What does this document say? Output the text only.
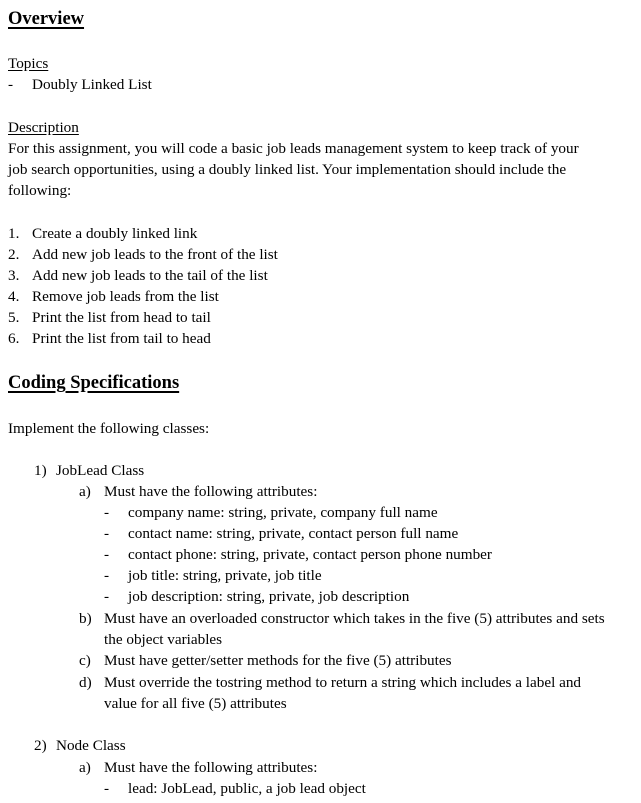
Overview
Topics
- Doubly Linked List
Description
For this assignment, you will code a basic job leads management system to keep track of your
job search opportunities, using a doubly linked list. Your implementation should include the
following:
1. Create a doubly linked link
2. Add new job leads to the front of the list
3. Add new job leads to the tail of the list
4. Remove job leads from the list
5. Print the list from head to tail
6. Print the list from tail to head
Coding Specifications
Implement the following classes:
1) JobLead Class
a) Must have the following attributes:
- company name: string, private, company full name
- contact name: string, private, contact person full name
- contact phone: string, private, contact person phone number
- job title: string, private, job title
- job description: string, private, job description
b) Must have an overloaded constructor which takes in the five (5) attributes and sets
the object variables
c) Must have getter/setter methods for the five (5) attributes
d) Must override the tostring method to return a string which includes a label and
value for all five (5) attributes
2) Node Class
a) Must have the following attributes:
- lead: JobLead, public, a job lead object
